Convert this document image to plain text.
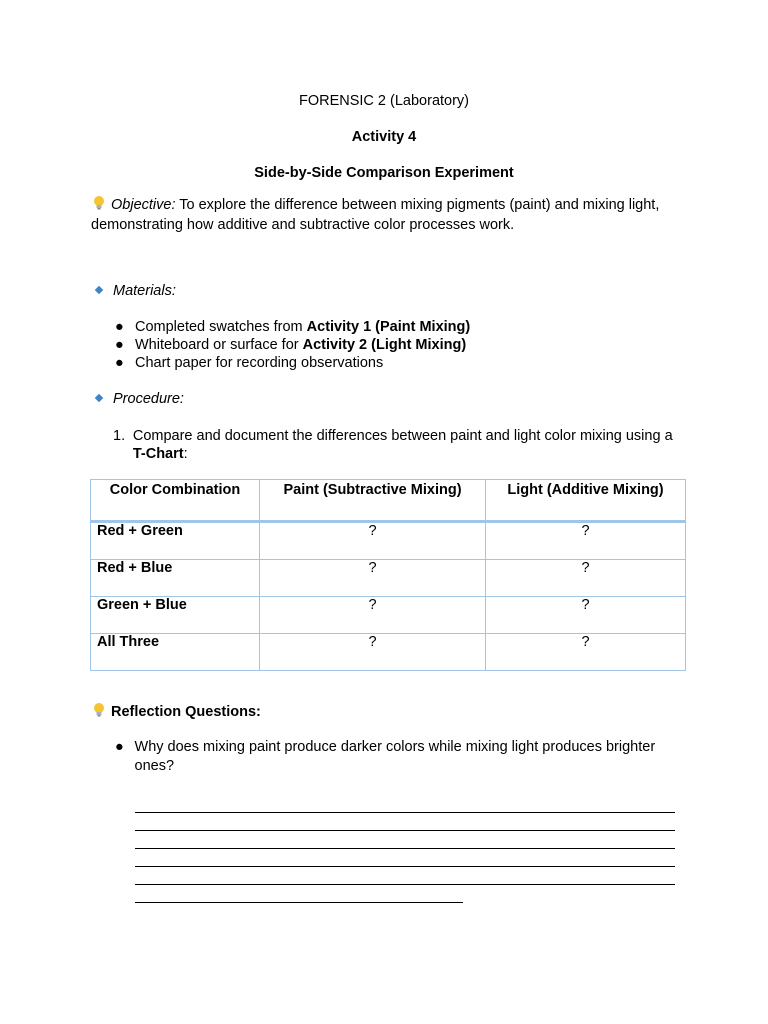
FORENSIC 2 (Laboratory)
Activity 4
Side-by-Side Comparison Experiment
Objective: To explore the difference between mixing pigments (paint) and mixing light, demonstrating how additive and subtractive color processes work.
Materials:
● Completed swatches from Activity 1 (Paint Mixing)
● Whiteboard or surface for Activity 2 (Light Mixing)
● Chart paper for recording observations
Procedure:
1. Compare and document the differences between paint and light color mixing using a T-Chart:
Color Combination	Paint (Subtractive Mixing)	Light (Additive Mixing)
Red + Green	?	?
Red + Blue	?	?
Green + Blue	?	?
All Three	?	?
Reflection Questions:
● Why does mixing paint produce darker colors while mixing light produces brighter ones?
